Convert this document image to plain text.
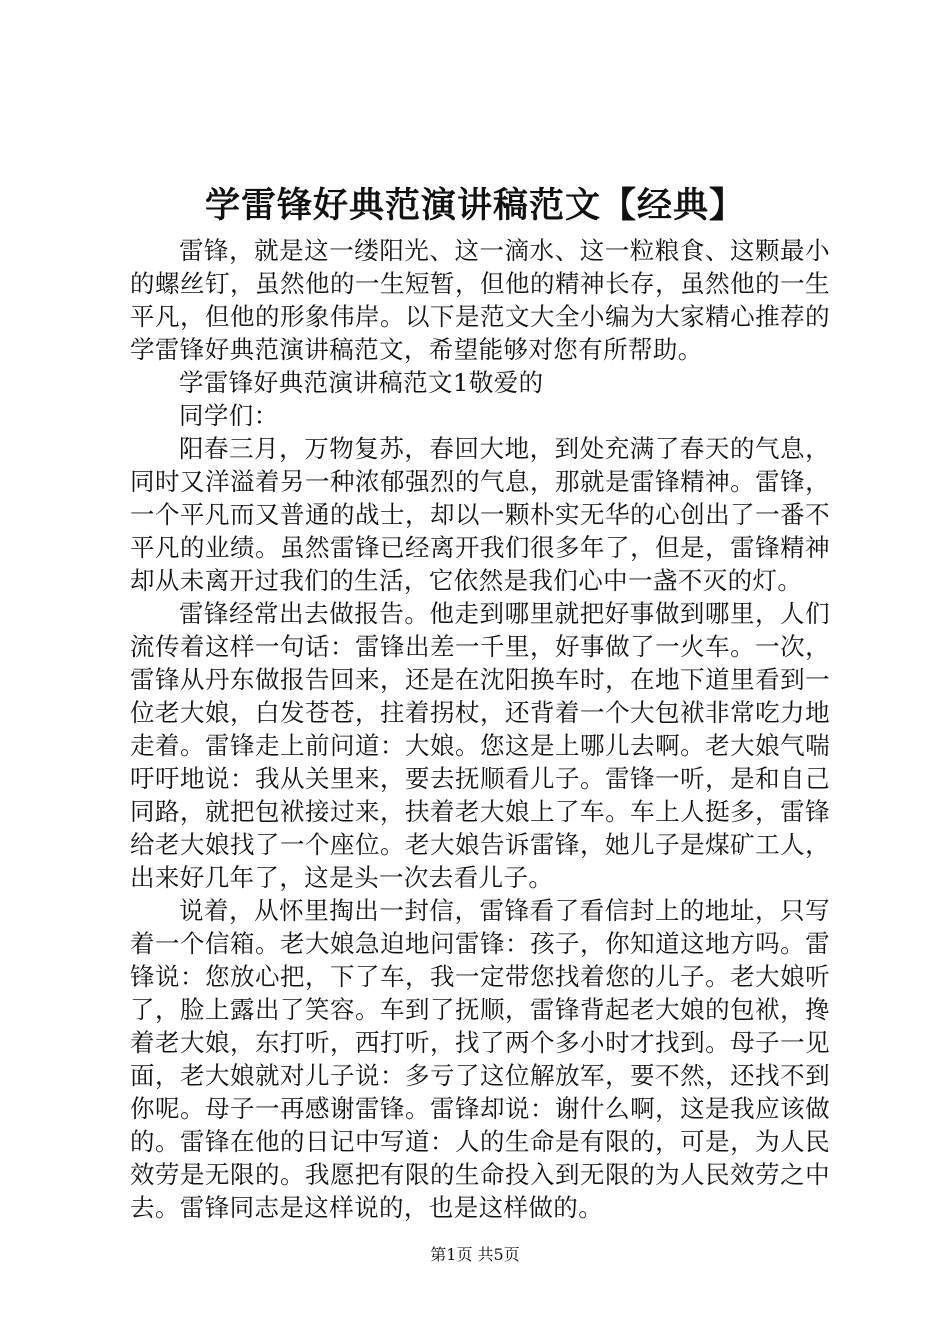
学雷锋好典范演讲稿范文【经典】

雷锋，就是这一缕阳光、这一滴水、这一粒粮食、这颗最小的螺丝钉，虽然他的一生短暂，但他的精神长存，虽然他的一生平凡，但他的形象伟岸。以下是范文大全小编为大家精心推荐的学雷锋好典范演讲稿范文，希望能够对您有所帮助。

学雷锋好典范演讲稿范文1敬爱的

同学们：

阳春三月，万物复苏，春回大地，到处充满了春天的气息，同时又洋溢着另一种浓郁强烈的气息，那就是雷锋精神。雷锋，一个平凡而又普通的战士，却以一颗朴实无华的心创出了一番不平凡的业绩。虽然雷锋已经离开我们很多年了，但是，雷锋精神却从未离开过我们的生活，它依然是我们心中一盏不灭的灯。

雷锋经常出去做报告。他走到哪里就把好事做到哪里，人们流传着这样一句话：雷锋出差一千里，好事做了一火车。一次，雷锋从丹东做报告回来，还是在沈阳换车时，在地下道里看到一位老大娘，白发苍苍，拄着拐杖，还背着一个大包袱非常吃力地走着。雷锋走上前问道：大娘。您这是上哪儿去啊。老大娘气喘吁吁地说：我从关里来，要去抚顺看儿子。雷锋一听，是和自己同路，就把包袱接过来，扶着老大娘上了车。车上人挺多，雷锋给老大娘找了一个座位。老大娘告诉雷锋，她儿子是煤矿工人，出来好几年了，这是头一次去看儿子。

说着，从怀里掏出一封信，雷锋看了看信封上的地址，只写着一个信箱。老大娘急迫地问雷锋：孩子，你知道这地方吗。雷锋说：您放心把，下了车，我一定带您找着您的儿子。老大娘听了，脸上露出了笑容。车到了抚顺，雷锋背起老大娘的包袱，搀着老大娘，东打听，西打听，找了两个多小时才找到。母子一见面，老大娘就对儿子说：多亏了这位解放军，要不然，还找不到你呢。母子一再感谢雷锋。雷锋却说：谢什么啊，这是我应该做的。雷锋在他的日记中写道：人的生命是有限的，可是，为人民效劳是无限的。我愿把有限的生命投入到无限的为人民效劳之中去。雷锋同志是这样说的，也是这样做的。

第1页 共5页
